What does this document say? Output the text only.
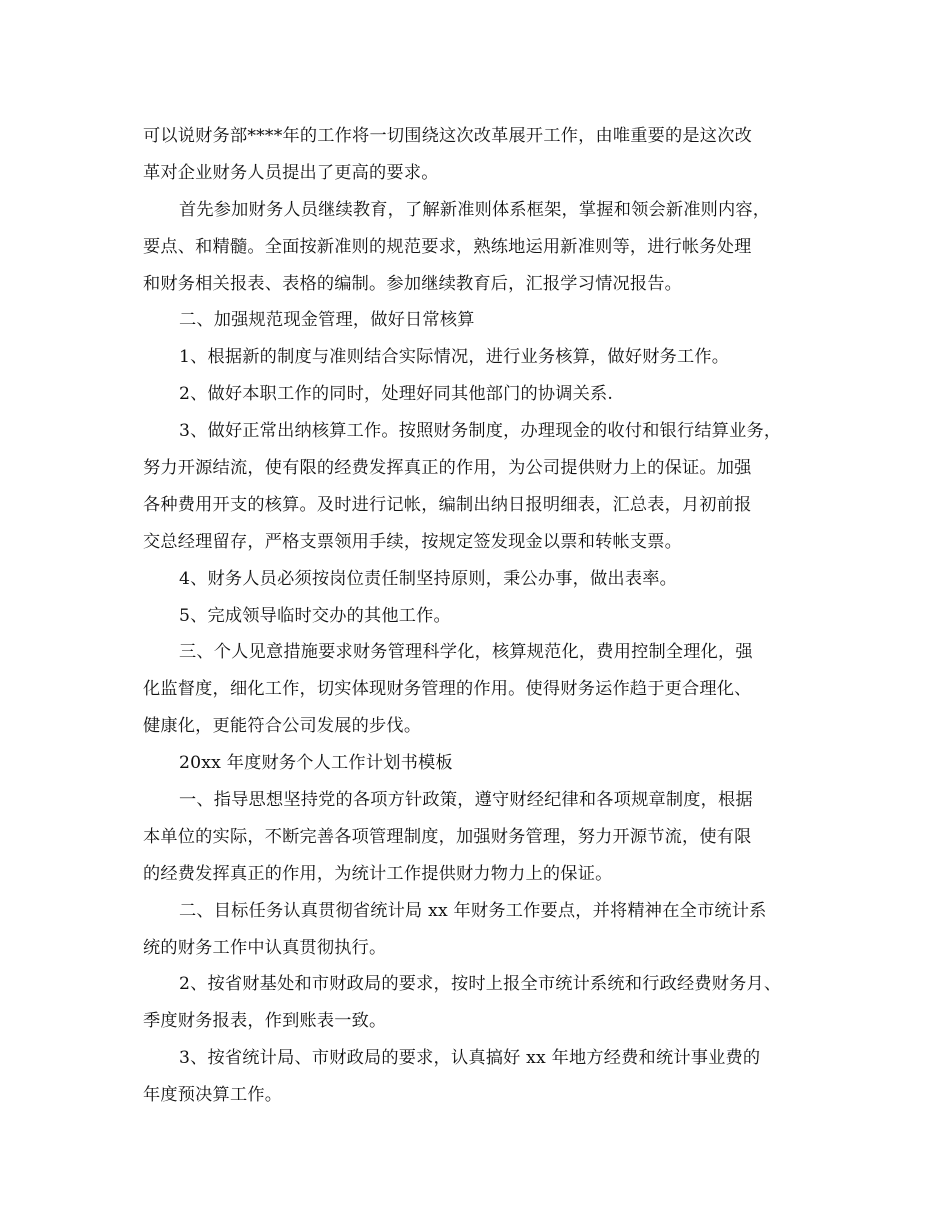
可以说财务部****年的工作将一切围绕这次改革展开工作，由唯重要的是这次改
革对企业财务人员提出了更高的要求。
首先参加财务人员继续教育，了解新准则体系框架，掌握和领会新准则内容，
要点、和精髓。全面按新准则的规范要求，熟练地运用新准则等，进行帐务处理
和财务相关报表、表格的编制。参加继续教育后，汇报学习情况报告。
二、加强规范现金管理，做好日常核算
1、根据新的制度与准则结合实际情况，进行业务核算，做好财务工作。
2、做好本职工作的同时，处理好同其他部门的协调关系.
3、做好正常出纳核算工作。按照财务制度，办理现金的收付和银行结算业务，
努力开源结流，使有限的经费发挥真正的作用，为公司提供财力上的保证。加强
各种费用开支的核算。及时进行记帐，编制出纳日报明细表，汇总表，月初前报
交总经理留存，严格支票领用手续，按规定签发现金以票和转帐支票。
4、财务人员必须按岗位责任制坚持原则，秉公办事，做出表率。
5、完成领导临时交办的其他工作。
三、个人见意措施要求财务管理科学化，核算规范化，费用控制全理化，强
化监督度，细化工作，切实体现财务管理的作用。使得财务运作趋于更合理化、
健康化，更能符合公司发展的步伐。
20xx 年度财务个人工作计划书模板
一、指导思想坚持党的各项方针政策，遵守财经纪律和各项规章制度，根据
本单位的实际，不断完善各项管理制度，加强财务管理，努力开源节流，使有限
的经费发挥真正的作用，为统计工作提供财力物力上的保证。
二、目标任务认真贯彻省统计局 xx 年财务工作要点，并将精神在全市统计系
统的财务工作中认真贯彻执行。
2、按省财基处和市财政局的要求，按时上报全市统计系统和行政经费财务月、
季度财务报表，作到账表一致。
3、按省统计局、市财政局的要求，认真搞好 xx 年地方经费和统计事业费的
年度预决算工作。
